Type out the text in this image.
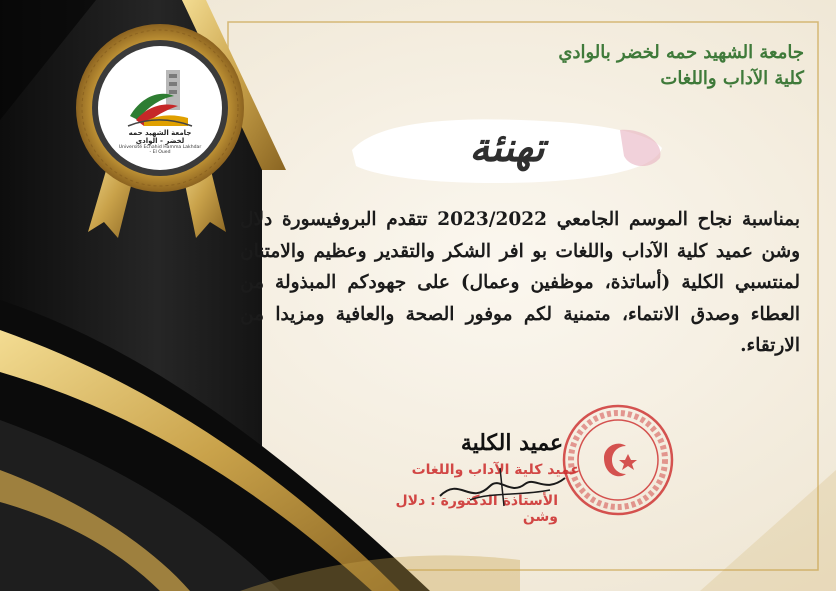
جامعة الشهيد حمه لخضر - الوادي
Université Echahid Hamma Lakhdar - El Oued
جامعة الشهيد حمه لخضر بالوادي
كلية الآداب واللغات
تهنئة
بمناسبة نجاح الموسم الجامعي 2023/2022 تتقدم البروفيسورة دلال وشن عميد كلية الآداب واللغات بو افر الشكر والتقدير وعظيم والامتنان لمنتسبي الكلية (أساتذة، موظفين وعمال) على جهودكم المبذولة من العطاء وصدق الانتماء، متمنية لكم موفور الصحة والعافية ومزيدا من الارتقاء.
عميد الكلية
عميد كلية الآداب واللغات
الأستاذة الدكتورة : دلال وشن
